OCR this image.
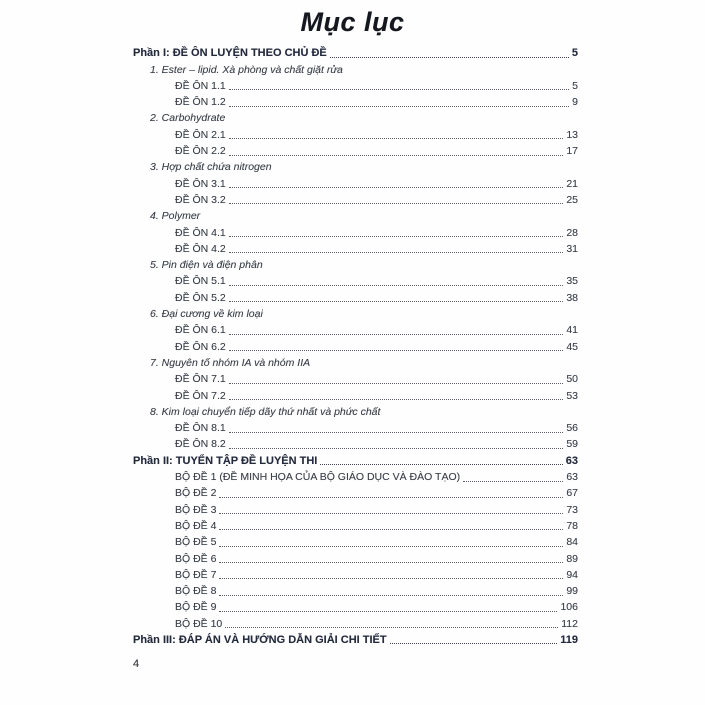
Mục lục
Phần I: ĐỀ ÔN LUYỆN THEO CHỦ ĐỀ	5
1. Ester – lipid. Xà phòng và chất giặt rửa
ĐỀ ÔN 1.1	5
ĐỀ ÔN 1.2	9
2. Carbohydrate
ĐỀ ÔN 2.1	13
ĐỀ ÔN 2.2	17
3. Hợp chất chứa nitrogen
ĐỀ ÔN 3.1	21
ĐỀ ÔN 3.2	25
4. Polymer
ĐỀ ÔN 4.1	28
ĐỀ ÔN 4.2	31
5. Pin điện và điện phân
ĐỀ ÔN 5.1	35
ĐỀ ÔN 5.2	38
6. Đại cương về kim loại
ĐỀ ÔN 6.1	41
ĐỀ ÔN 6.2	45
7. Nguyên tố nhóm IA và nhóm IIA
ĐỀ ÔN 7.1	50
ĐỀ ÔN 7.2	53
8. Kim loại chuyển tiếp dãy thứ nhất và phức chất
ĐỀ ÔN 8.1	56
ĐỀ ÔN 8.2	59
Phần II: TUYỂN TẬP ĐỀ LUYỆN THI	63
BỘ ĐỀ 1 (ĐỀ MINH HỌA CỦA BỘ GIÁO DỤC VÀ ĐÀO TẠO)	63
BỘ ĐỀ 2	67
BỘ ĐỀ 3	73
BỘ ĐỀ 4	78
BỘ ĐỀ 5	84
BỘ ĐỀ 6	89
BỘ ĐỀ 7	94
BỘ ĐỀ 8	99
BỘ ĐỀ 9	106
BỘ ĐỀ 10	112
Phần III: ĐÁP ÁN VÀ HƯỚNG DẪN GIẢI CHI TIẾT	119
4
